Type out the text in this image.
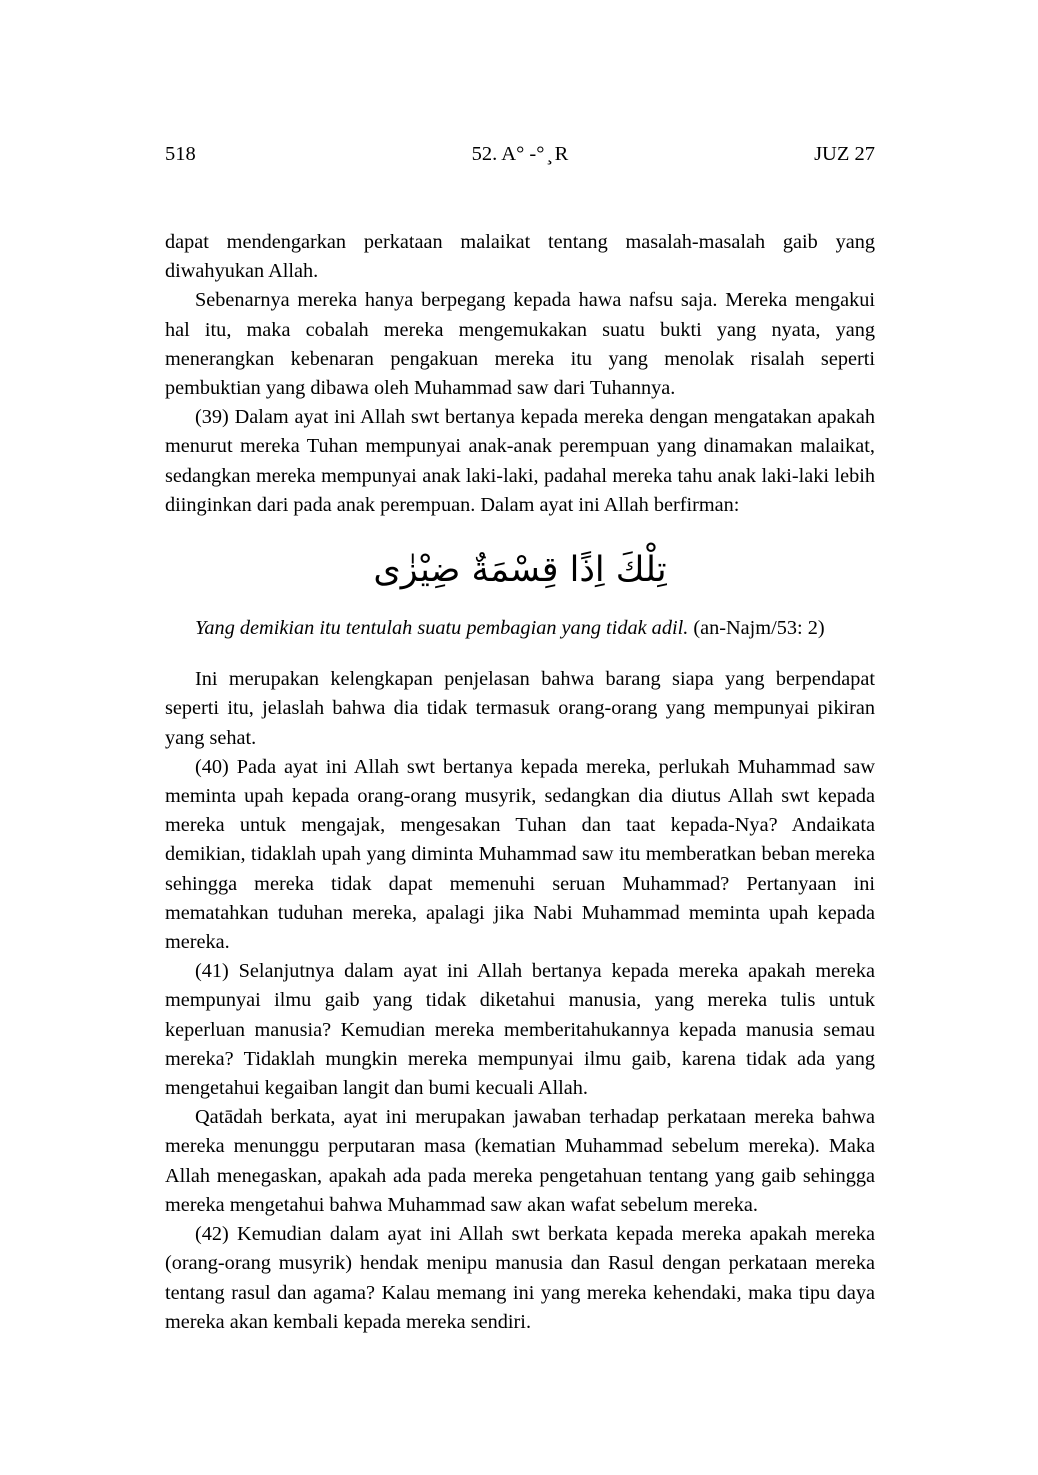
518	52. A° -° ̧ R	JUZ 27

dapat mendengarkan perkataan malaikat tentang masalah-masalah gaib yang diwahyukan Allah.

Sebenarnya mereka hanya berpegang kepada hawa nafsu saja. Mereka mengakui hal itu, maka cobalah mereka mengemukakan suatu bukti yang nyata, yang menerangkan kebenaran pengakuan mereka itu yang menolak risalah seperti pembuktian yang dibawa oleh Muhammad saw dari Tuhannya.

(39) Dalam ayat ini Allah swt bertanya kepada mereka dengan mengatakan apakah menurut mereka Tuhan mempunyai anak-anak perempuan yang dinamakan malaikat, sedangkan mereka mempunyai anak laki-laki, padahal mereka tahu anak laki-laki lebih diinginkan dari pada anak perempuan. Dalam ayat ini Allah berfirman:

تِلْكَ اِذًا قِسْمَةٌ ضِيْزٰى

Yang demikian itu tentulah suatu pembagian yang tidak adil. (an-Najm/53: 2)

Ini merupakan kelengkapan penjelasan bahwa barang siapa yang berpendapat seperti itu, jelaslah bahwa dia tidak termasuk orang-orang yang mempunyai pikiran yang sehat.

(40) Pada ayat ini Allah swt bertanya kepada mereka, perlukah Muhammad saw meminta upah kepada orang-orang musyrik, sedangkan dia diutus Allah swt kepada mereka untuk mengajak, mengesakan Tuhan dan taat kepada-Nya? Andaikata demikian, tidaklah upah yang diminta Muhammad saw itu memberatkan beban mereka sehingga mereka tidak dapat memenuhi seruan Muhammad? Pertanyaan ini mematahkan tuduhan mereka, apalagi jika Nabi Muhammad meminta upah kepada mereka.

(41) Selanjutnya dalam ayat ini Allah bertanya kepada mereka apakah mereka mempunyai ilmu gaib yang tidak diketahui manusia, yang mereka tulis untuk keperluan manusia? Kemudian mereka memberitahukannya kepada manusia semau mereka? Tidaklah mungkin mereka mempunyai ilmu gaib, karena tidak ada yang mengetahui kegaiban langit dan bumi kecuali Allah.

Qatādah berkata, ayat ini merupakan jawaban terhadap perkataan mereka bahwa mereka menunggu perputaran masa (kematian Muhammad sebelum mereka). Maka Allah menegaskan, apakah ada pada mereka pengetahuan tentang yang gaib sehingga mereka mengetahui bahwa Muhammad saw akan wafat sebelum mereka.

(42) Kemudian dalam ayat ini Allah swt berkata kepada mereka apakah mereka (orang-orang musyrik) hendak menipu manusia dan Rasul dengan perkataan mereka tentang rasul dan agama? Kalau memang ini yang mereka kehendaki, maka tipu daya mereka akan kembali kepada mereka sendiri.
